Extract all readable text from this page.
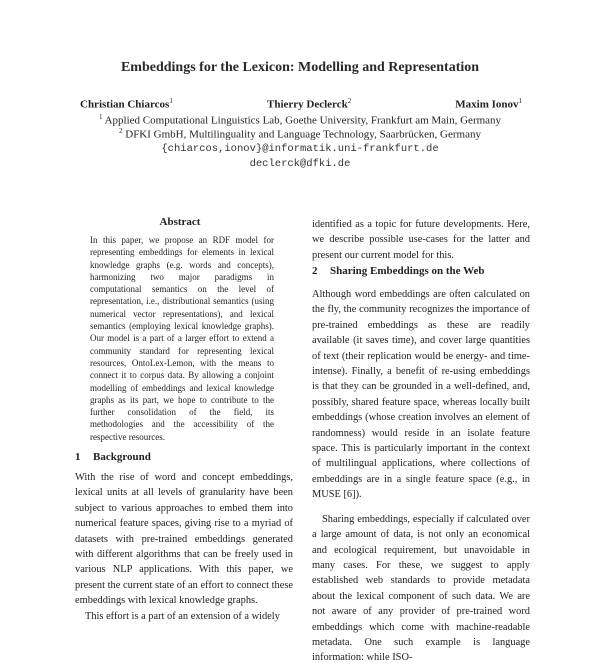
Embeddings for the Lexicon: Modelling and Representation
Christian Chiarcos$^1$	Thierry Declerck$^2$	Maxim Ionov$^1$
$^1$ Applied Computational Linguistics Lab, Goethe University, Frankfurt am Main, Germany
$^2$ DFKI GmbH, Multilinguality and Language Technology, Saarbrücken, Germany
{chiarcos,ionov}@informatik.uni-frankfurt.de
declerck@dfki.de
Abstract
In this paper, we propose an RDF model for representing embeddings for elements in lexical knowledge graphs (e.g. words and concepts), harmonizing two major paradigms in computational semantics on the level of representation, i.e., distributional semantics (using numerical vector representations), and lexical semantics (employing lexical knowledge graphs). Our model is a part of a larger effort to extend a community standard for representing lexical resources, OntoLex-Lemon, with the means to connect it to corpus data. By allowing a conjoint modelling of embeddings and lexical knowledge graphs as its part, we hope to contribute to the further consolidation of the field, its methodologies and the accessibility of the respective resources.
1 Background

With the rise of word and concept embeddings, lexical units at all levels of granularity have been subject to various approaches to embed them into numerical feature spaces, giving rise to a myriad of datasets with pre-trained embeddings generated with different algorithms that can be freely used in various NLP applications. With this paper, we present the current state of an effort to connect these embeddings with lexical knowledge graphs.

This effort is a part of an extension of a widely

identified as a topic for future developments. Here, we describe possible use-cases for the latter and present our current model for this.

2 Sharing Embeddings on the Web

Although word embeddings are often calculated on the fly, the community recognizes the importance of pre-trained embeddings as these are readily available (it saves time), and cover large quantities of text (their replication would be energy- and time-intense). Finally, a benefit of re-using embeddings is that they can be grounded in a well-defined, and, possibly, shared feature space, whereas locally built embeddings (whose creation involves an element of randomness) would reside in an isolate feature space. This is particularly important in the context of multilingual applications, where collections of embeddings are in a single feature space (e.g., in MUSE [6]).

Sharing embeddings, especially if calculated over a large amount of data, is not only an economical and ecological requirement, but unavoidable in many cases. For these, we suggest to apply established web standards to provide metadata about the lexical component of such data. We are not aware of any provider of pre-trained word embeddings which come with machine-readable metadata. One such example is language information: while ISO-
